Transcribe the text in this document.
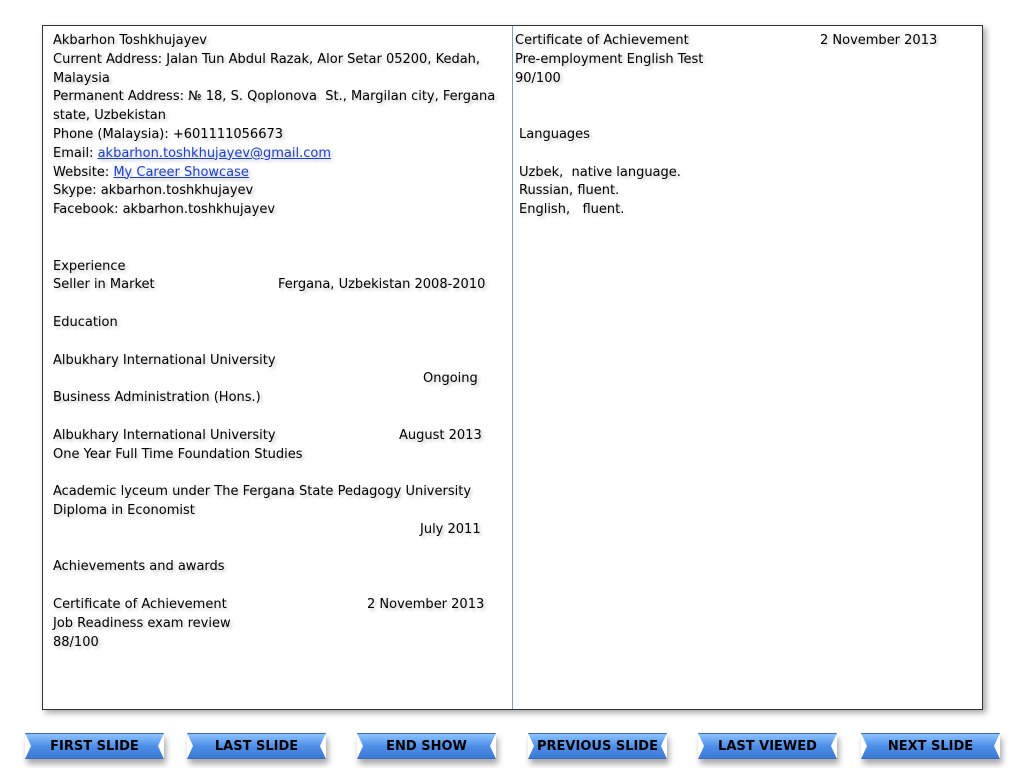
Akbarhon Toshkhujayev
Current Address: Jalan Tun Abdul Razak, Alor Setar 05200, Kedah,
Malaysia
Permanent Address: № 18, S. Qoplonova  St., Margilan city, Fergana
state, Uzbekistan
Phone (Malaysia): +601111056673
Email: akbarhon.toshkhujayev@gmail.com
Website: My Career Showcase
Skype: akbarhon.toshkhujayev
Facebook: akbarhon.toshkhujayev
Experience
Seller in Market	Fergana, Uzbekistan 2008-2010
Education
Albukhary International University
Ongoing
Business Administration (Hons.)
Albukhary International University	August 2013
One Year Full Time Foundation Studies
Academic lyceum under The Fergana State Pedagogy University
Diploma in Economist
July 2011
Achievements and awards
Certificate of Achievement	2 November 2013
Job Readiness exam review
88/100
Certificate of Achievement	2 November 2013
Pre-employment English Test
90/100
Languages
Uzbek,  native language.
Russian, fluent.
English,   fluent.
FIRST SLIDE	LAST SLIDE	END SHOW	PREVIOUS SLIDE	LAST VIEWED	NEXT SLIDE
